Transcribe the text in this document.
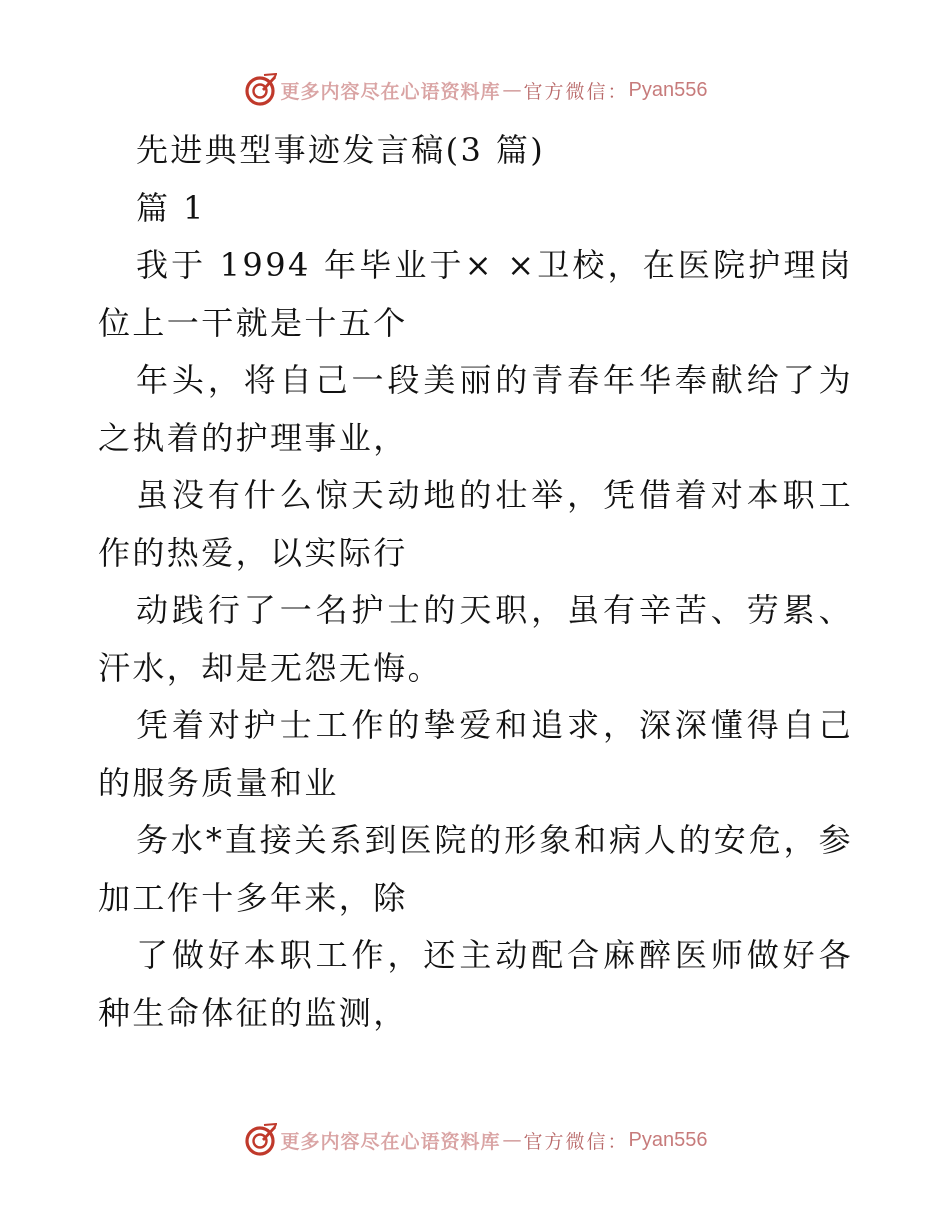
更多内容尽在心语资料库 — 官方微信： Pyan556

先进典型事迹发言稿(3 篇)

篇 1

我于 1994 年毕业于× ×卫校，在医院护理岗位上一干就是十五个

年头，将自己一段美丽的青春年华奉献给了为之执着的护理事业，

虽没有什么惊天动地的壮举，凭借着对本职工作的热爱，以实际行

动践行了一名护士的天职，虽有辛苦、劳累、汗水，却是无怨无悔。

凭着对护士工作的挚爱和追求，深深懂得自己的服务质量和业

务水*直接关系到医院的形象和病人的安危，参加工作十多年来，除

了做好本职工作，还主动配合麻醉医师做好各种生命体征的监测，

更多内容尽在心语资料库 — 官方微信： Pyan556
